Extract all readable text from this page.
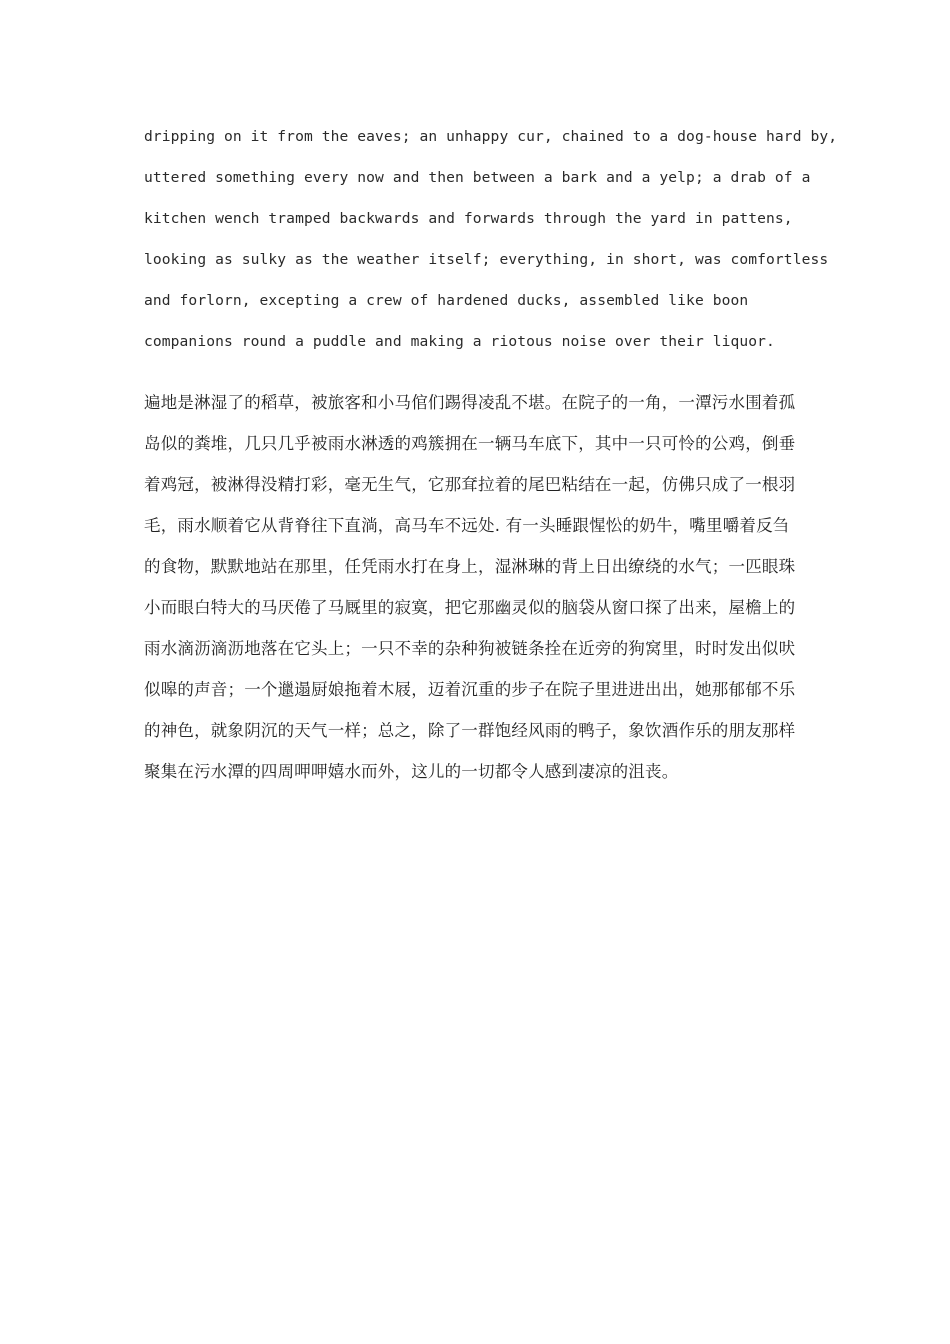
dripping on it from the eaves; an unhappy cur, chained to a dog-house hard by,
uttered something every now and then between a bark and a yelp; a drab of a
kitchen wench tramped backwards and forwards through the yard in pattens,
looking as sulky as the weather itself; everything, in short, was comfortless
and forlorn, excepting a crew of hardened ducks, assembled like boon
companions round a puddle and making a riotous noise over their liquor.
遍地是淋湿了的稻草，被旅客和小马倌们踢得凌乱不堪。在院子的一角，一潭污水围着孤
岛似的粪堆，几只几乎被雨水淋透的鸡簇拥在一辆马车底下，其中一只可怜的公鸡，倒垂
着鸡冠，被淋得没精打彩，毫无生气，它那耷拉着的尾巴粘结在一起，仿佛只成了一根羽
毛，雨水顺着它从背脊往下直淌，高马车不远处. 有一头睡跟惺忪的奶牛，嘴里嚼着反刍
的食物，默默地站在那里，任凭雨水打在身上，湿淋琳的背上日出缭绕的水气；一匹眼珠
小而眼白特大的马厌倦了马厩里的寂寞，把它那幽灵似的脑袋从窗口探了出来，屋檐上的
雨水滴沥滴沥地落在它头上；一只不幸的杂种狗被链条拴在近旁的狗窝里，时时发出似吠
似嗥的声音；一个邋遢厨娘拖着木屐，迈着沉重的步子在院子里进进出出，她那郁郁不乐
的神色，就象阴沉的天气一样；总之，除了一群饱经风雨的鸭子，象饮酒作乐的朋友那样
聚集在污水潭的四周呷呷嬉水而外，这儿的一切都令人感到凄凉的沮丧。
